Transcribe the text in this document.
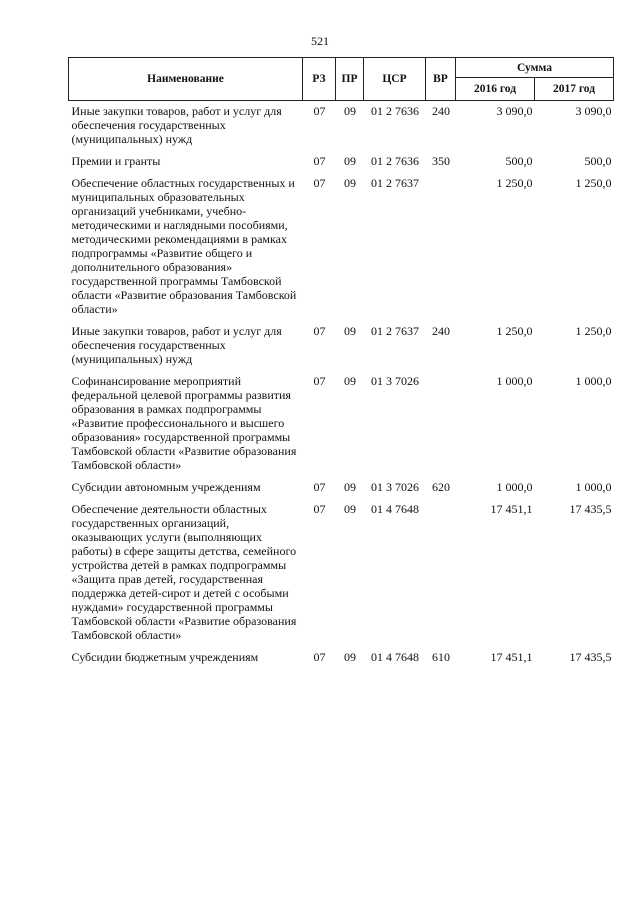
521
Наименование	РЗ	ПР	ЦСР	ВР	Сумма	
					2016 год	2017 год
Иные закупки товаров, работ и услуг для обеспечения государственных (муниципальных) нужд	07	09	01 2 7636	240	3 090,0	3 090,0
Премии и гранты	07	09	01 2 7636	350	500,0	500,0
Обеспечение областных государственных и муниципальных образовательных организаций учебниками, учебно-методическими и наглядными пособиями, методическими рекомендациями в рамках подпрограммы «Развитие общего и дополнительного образования» государственной программы Тамбовской области «Развитие образования Тамбовской области»	07	09	01 2 7637		1 250,0	1 250,0
Иные закупки товаров, работ и услуг для обеспечения государственных (муниципальных) нужд	07	09	01 2 7637	240	1 250,0	1 250,0
Софинансирование мероприятий федеральной целевой программы развития образования в рамках подпрограммы «Развитие профессионального и высшего образования» государственной программы Тамбовской области «Развитие образования Тамбовской области»	07	09	01 3 7026		1 000,0	1 000,0
Субсидии автономным учреждениям	07	09	01 3 7026	620	1 000,0	1 000,0
Обеспечение деятельности областных государственных организаций, оказывающих услуги (выполняющих работы) в сфере защиты детства, семейного устройства детей в рамках подпрограммы «Защита прав детей, государственная поддержка детей-сирот и детей с особыми нуждами» государственной программы Тамбовской области «Развитие образования Тамбовской области»	07	09	01 4 7648		17 451,1	17 435,5
Субсидии бюджетным учреждениям	07	09	01 4 7648	610	17 451,1	17 435,5
